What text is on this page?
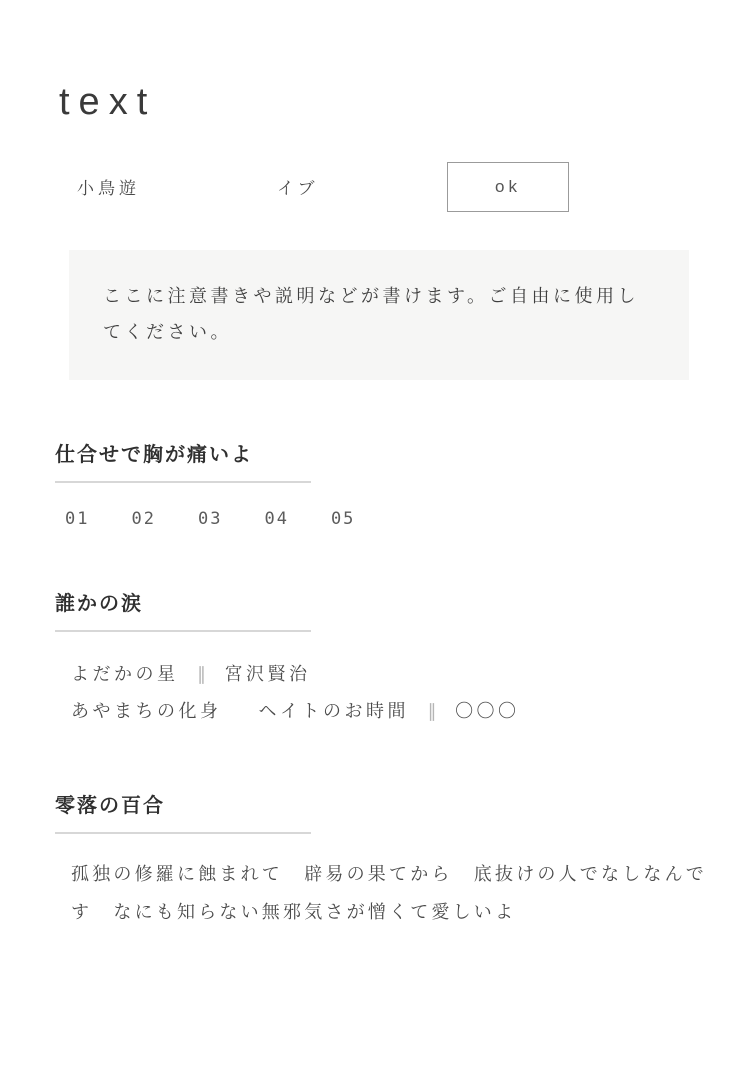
text
小鳥遊	イブ	ok

ここに注意書きや説明などが書けます。ご自由に使用してください。

仕合せで胸が痛いよ
01 02 03 04 05
誰かの涙
よだかの星 ∥ 宮沢賢治
あやまちの化身 ヘイトのお時間 ∥ 〇〇〇
零落の百合

孤独の修羅に蝕まれて　辟易の果てから　底抜けの人でなしなんです　なにも知らない無邪気さが憎くて愛しいよ
